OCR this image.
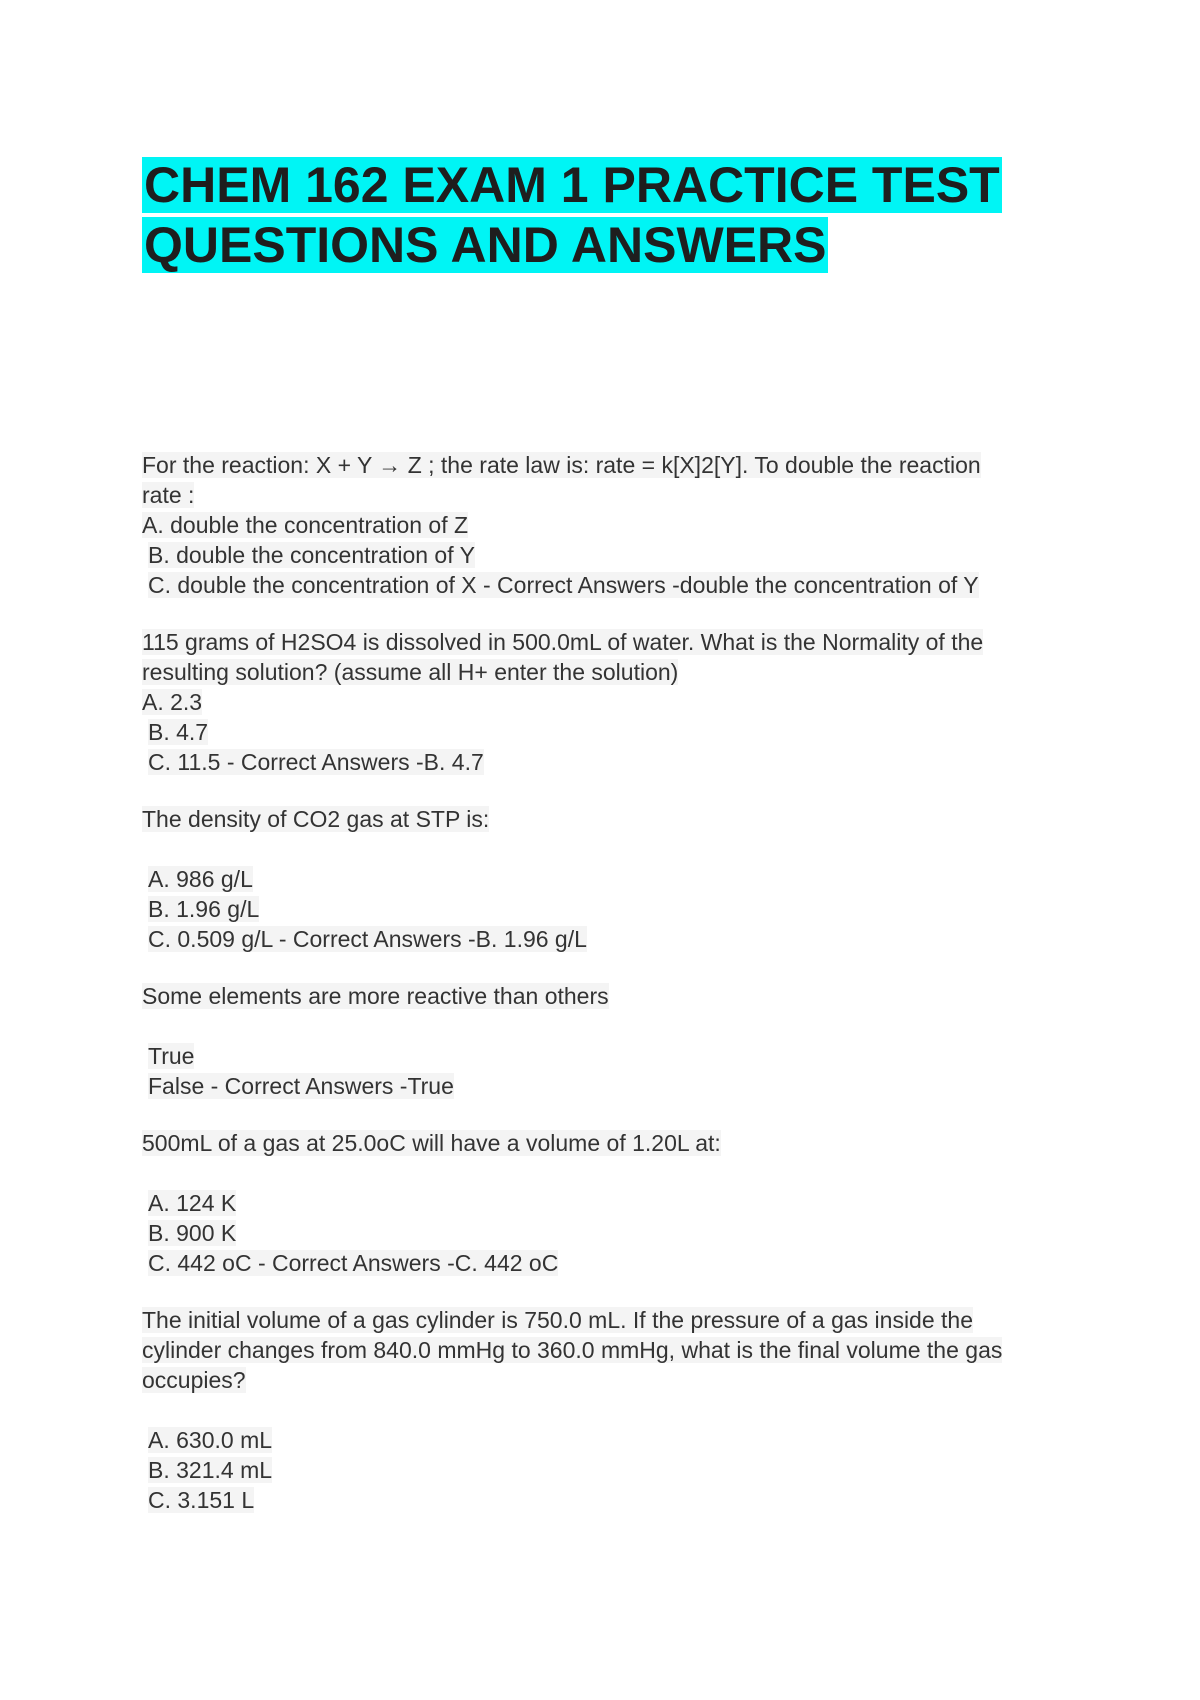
CHEM 162 EXAM 1 PRACTICE TEST
QUESTIONS AND ANSWERS
For the reaction: X + Y → Z ; the rate law is: rate = k[X]2[Y]. To double the reaction
rate :
A. double the concentration of Z
B. double the concentration of Y
C. double the concentration of X - Correct Answers -double the concentration of Y
115 grams of H2SO4 is dissolved in 500.0mL of water. What is the Normality of the
resulting solution? (assume all H+ enter the solution)
A. 2.3
B. 4.7
C. 11.5 - Correct Answers -B. 4.7
The density of CO2 gas at STP is:
A. 986 g/L
B. 1.96 g/L
C. 0.509 g/L - Correct Answers -B. 1.96 g/L
Some elements are more reactive than others
True
False - Correct Answers -True
500mL of a gas at 25.0oC will have a volume of 1.20L at:
A. 124 K
B. 900 K
C. 442 oC - Correct Answers -C. 442 oC
The initial volume of a gas cylinder is 750.0 mL. If the pressure of a gas inside the
cylinder changes from 840.0 mmHg to 360.0 mmHg, what is the final volume the gas
occupies?
A. 630.0 mL
B. 321.4 mL
C. 3.151 L
